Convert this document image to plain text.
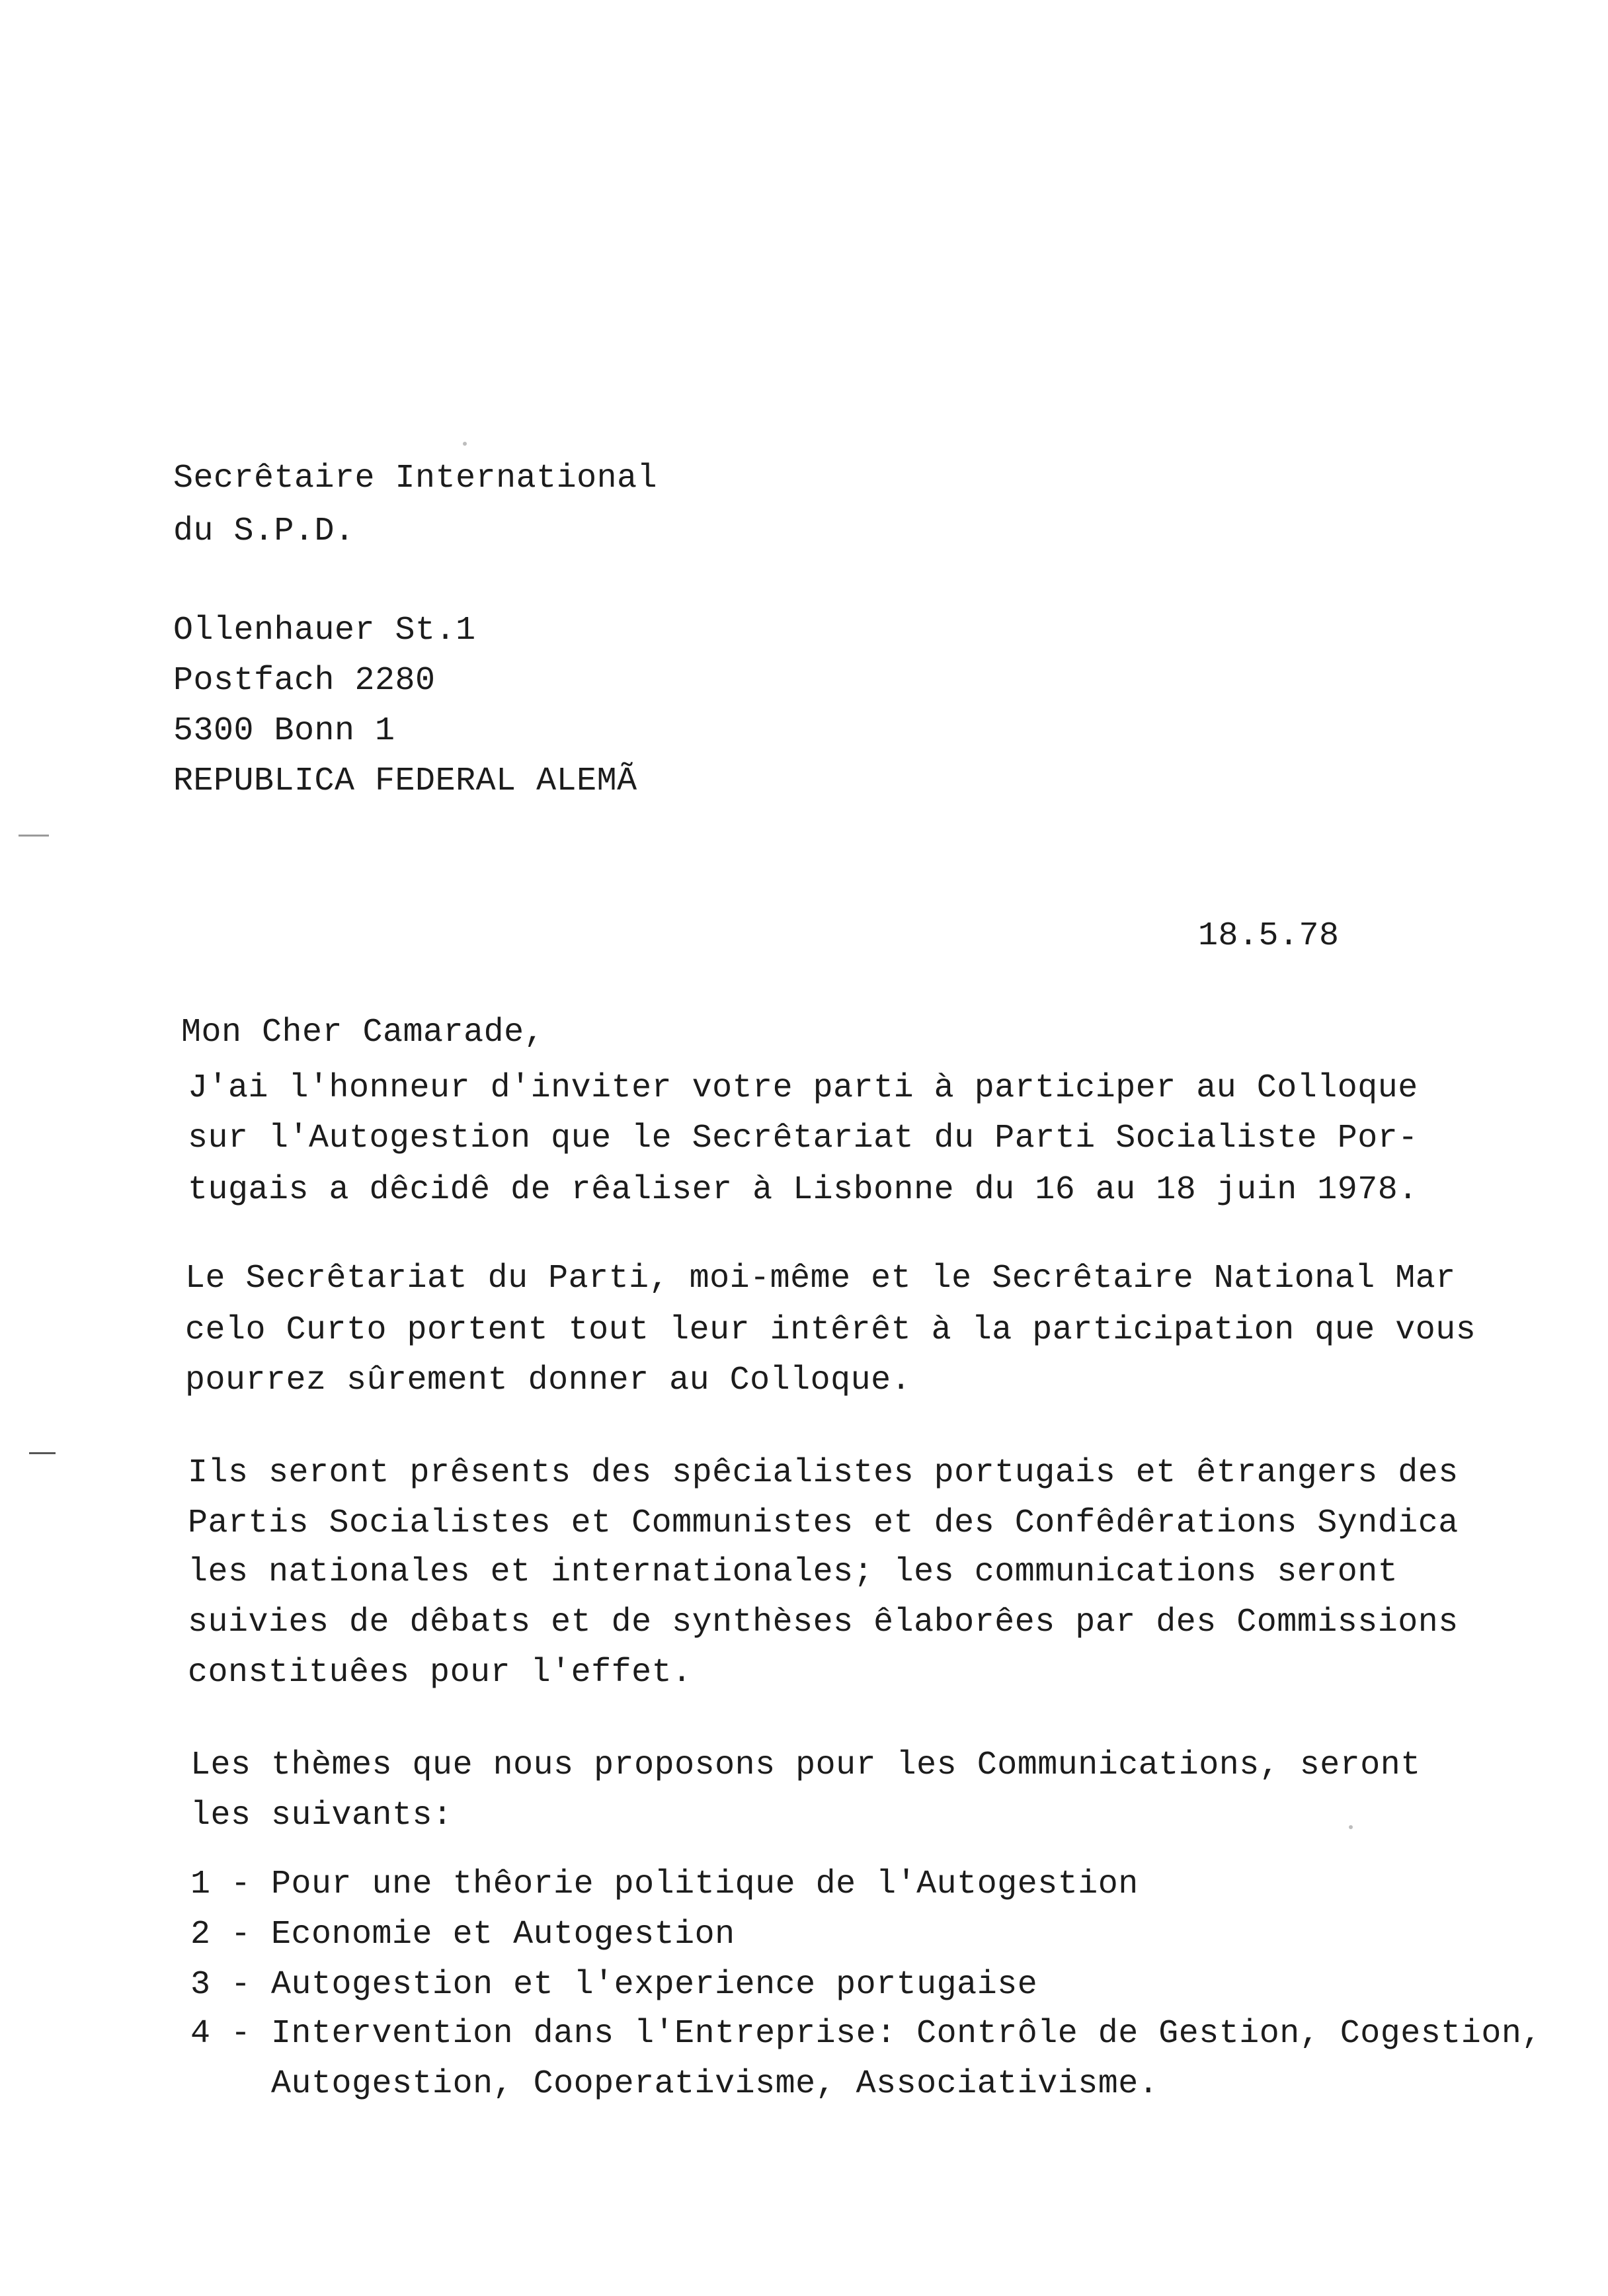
Secrêtaire International
du S.P.D.
Ollenhauer St.1
Postfach 2280
5300 Bonn 1
REPUBLICA FEDERAL ALEMÃ
18.5.78
Mon Cher Camarade,
J'ai l'honneur d'inviter votre parti à participer au Colloque
sur l'Autogestion que le Secrêtariat du Parti Socialiste Por-
tugais a dêcidê de rêaliser à Lisbonne du 16 au 18 juin 1978.
Le Secrêtariat du Parti, moi-même et le Secrêtaire National Mar
celo Curto portent tout leur intêrêt à la participation que vous
pourrez sûrement donner au Colloque.
Ils seront prêsents des spêcialistes portugais et êtrangers des
Partis Socialistes et Communistes et des Confêdêrations Syndica
les nationales et internationales; les communications seront
suivies de dêbats et de synthèses êlaborêes par des Commissions
constituêes pour l'effet.
Les thèmes que nous proposons pour les Communications, seront
les suivants:
1 - Pour une thêorie politique de l'Autogestion
2 - Economie et Autogestion
3 - Autogestion et l'experience portugaise
4 - Intervention dans l'Entreprise: Contrôle de Gestion, Cogestion,
Autogestion, Cooperativisme, Associativisme.
